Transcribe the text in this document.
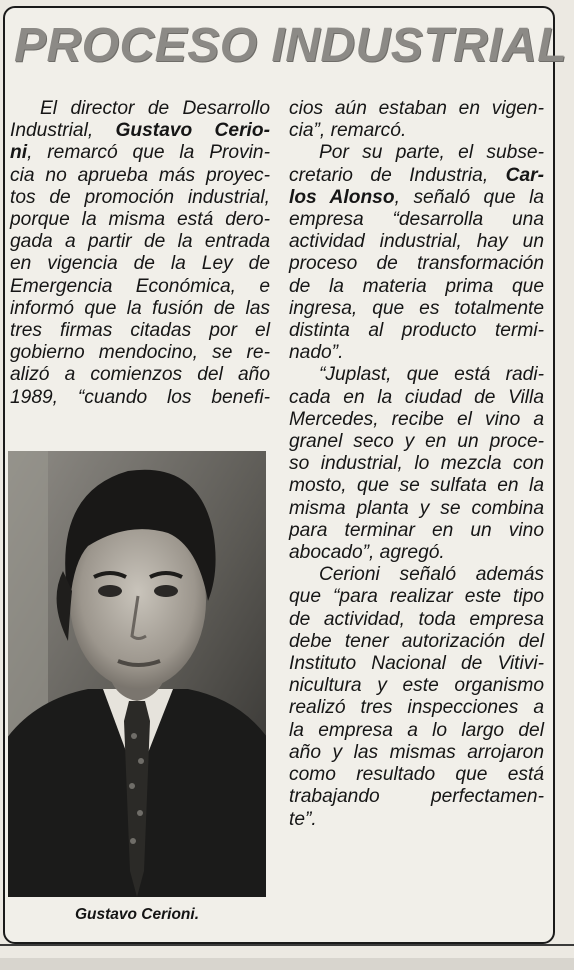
PROCESO INDUSTRIAL
El director de Desarrollo
Industrial, Gustavo Cerio-
ni, remarcó que la Provin-
cia no aprueba más proyec-
tos de promoción industrial,
porque la misma está dero-
gada a partir de la entrada
en vigencia de la Ley de
Emergencia Económica, e
informó que la fusión de las
tres firmas citadas por el
gobierno mendocino, se re-
alizó a comienzos del año
1989, “cuando los benefi-
cios aún estaban en vigen-
cia”, remarcó.
Por su parte, el subse-
cretario de Industria, Car-
los Alonso, señaló que la
empresa “desarrolla una
actividad industrial, hay un
proceso de transformación
de la materia prima que
ingresa, que es totalmente
distinta al producto termi-
nado”.
“Juplast, que está radi-
cada en la ciudad de Villa
Mercedes, recibe el vino a
granel seco y en un proce-
so industrial, lo mezcla con
mosto, que se sulfata en la
misma planta y se combina
para terminar en un vino
abocado”, agregó.
Cerioni señaló además
que “para realizar este tipo
de actividad, toda empresa
debe tener autorización del
Instituto Nacional de Vitivi-
nicultura y este organismo
realizó tres inspecciones a
la empresa a lo largo del
año y las mismas arrojaron
como resultado que está
trabajando perfectamen-
te”.
Gustavo Cerioni.
